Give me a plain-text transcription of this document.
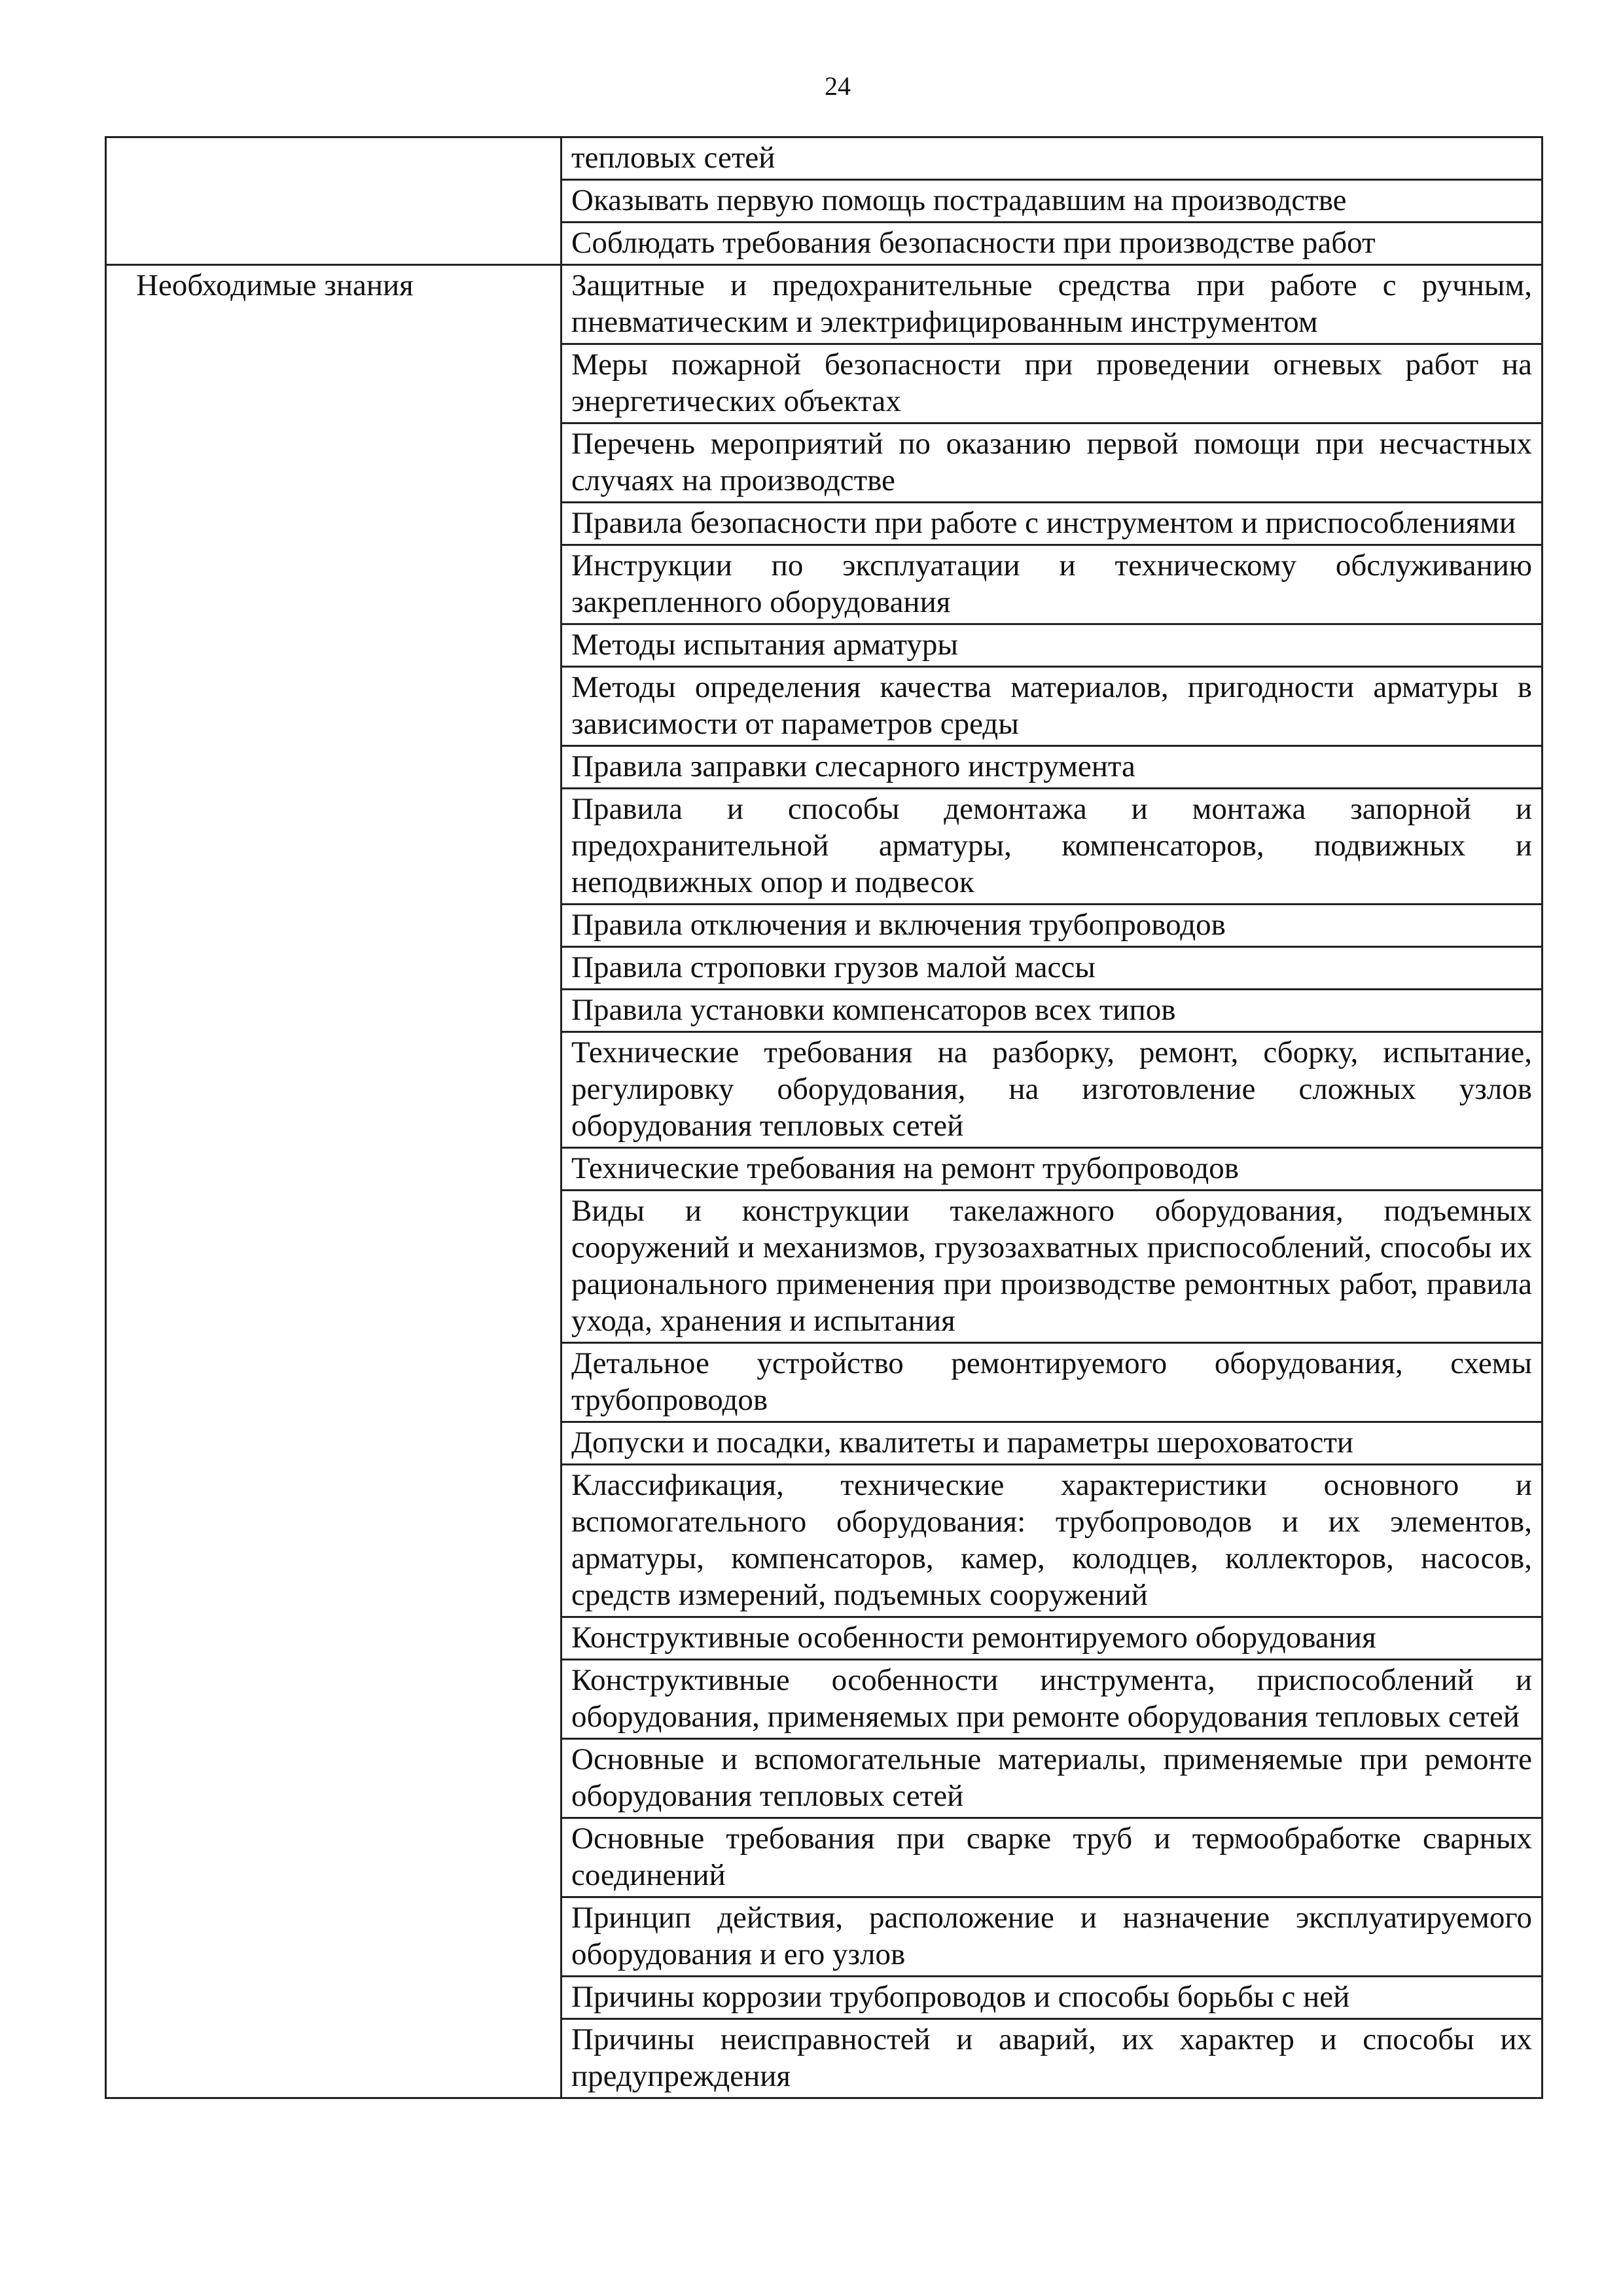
24
	тепловых сетей
	Оказывать первую помощь пострадавшим на производстве
	Соблюдать требования безопасности при производстве работ
Необходимые знания	Защитные и предохранительные средства при работе с ручным, пневматическим и электрифицированным инструментом
	Меры пожарной безопасности при проведении огневых работ на энергетических объектах
	Перечень мероприятий по оказанию первой помощи при несчастных случаях на производстве
	Правила безопасности при работе с инструментом и приспособлениями
	Инструкции по эксплуатации и техническому обслуживанию закрепленного оборудования
	Методы испытания арматуры
	Методы определения качества материалов, пригодности арматуры в зависимости от параметров среды
	Правила заправки слесарного инструмента
	Правила и способы демонтажа и монтажа запорной и предохранительной арматуры, компенсаторов, подвижных и неподвижных опор и подвесок
	Правила отключения и включения трубопроводов
	Правила строповки грузов малой массы
	Правила установки компенсаторов всех типов
	Технические требования на разборку, ремонт, сборку, испытание, регулировку оборудования, на изготовление сложных узлов оборудования тепловых сетей
	Технические требования на ремонт трубопроводов
	Виды и конструкции такелажного оборудования, подъемных сооружений и механизмов, грузозахватных приспособлений, способы их рационального применения при производстве ремонтных работ, правила ухода, хранения и испытания
	Детальное устройство ремонтируемого оборудования, схемы трубопроводов
	Допуски и посадки, квалитеты и параметры шероховатости
	Классификация, технические характеристики основного и вспомогательного оборудования: трубопроводов и их элементов, арматуры, компенсаторов, камер, колодцев, коллекторов, насосов, средств измерений, подъемных сооружений
	Конструктивные особенности ремонтируемого оборудования
	Конструктивные особенности инструмента, приспособлений и оборудования, применяемых при ремонте оборудования тепловых сетей
	Основные и вспомогательные материалы, применяемые при ремонте оборудования тепловых сетей
	Основные требования при сварке труб и термообработке сварных соединений
	Принцип действия, расположение и назначение эксплуатируемого оборудования и его узлов
	Причины коррозии трубопроводов и способы борьбы с ней
	Причины неисправностей и аварий, их характер и способы их предупреждения
